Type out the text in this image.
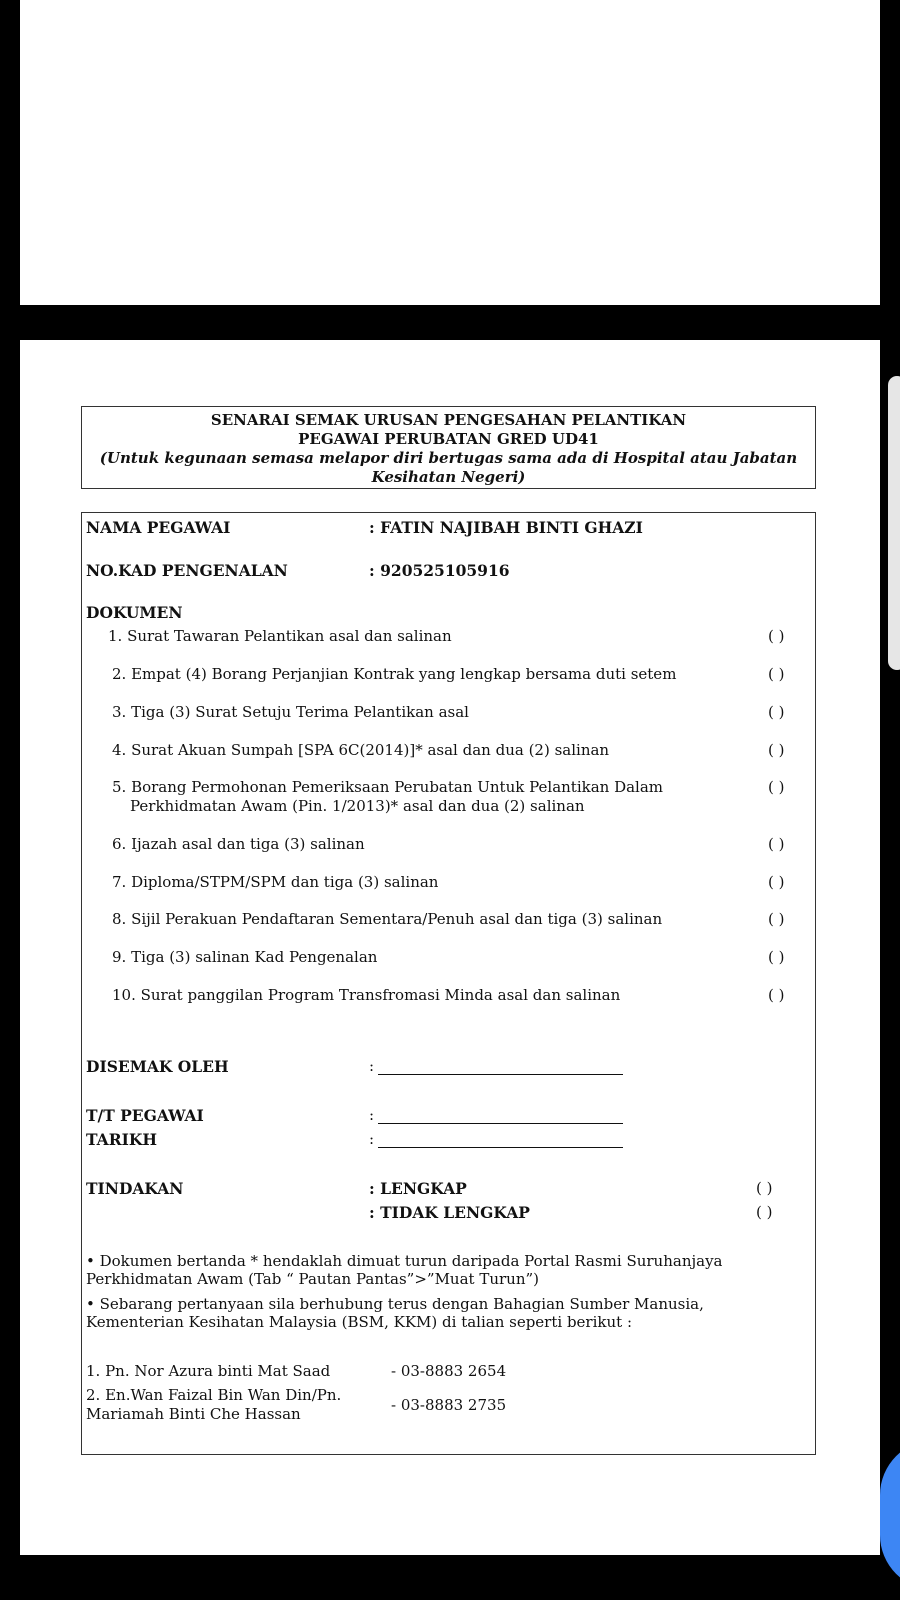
SENARAI SEMAK URUSAN PENGESAHAN PELANTIKAN
PEGAWAI PERUBATAN GRED UD41
(Untuk kegunaan semasa melapor diri bertugas sama ada di Hospital atau Jabatan
Kesihatan Negeri)
NAMA PEGAWAI	: FATIN NAJIBAH BINTI GHAZI
NO.KAD PENGENALAN	: 920525105916
DOKUMEN
1. Surat Tawaran Pelantikan asal dan salinan	( )
2. Empat (4) Borang Perjanjian Kontrak yang lengkap bersama duti setem	( )
3. Tiga (3) Surat Setuju Terima Pelantikan asal	( )
4. Surat Akuan Sumpah [SPA 6C(2014)]* asal dan dua (2) salinan	( )
5. Borang Permohonan Pemeriksaan Perubatan Untuk Pelantikan Dalam
Perkhidmatan Awam (Pin. 1/2013)* asal dan dua (2) salinan
( )
6. Ijazah asal dan tiga (3) salinan	( )
7. Diploma/STPM/SPM dan tiga (3) salinan	( )
8. Sijil Perakuan Pendaftaran Sementara/Penuh asal dan tiga (3) salinan	( )
9. Tiga (3) salinan Kad Pengenalan	( )
10. Surat panggilan Program Transfromasi Minda asal dan salinan	( )
DISEMAK OLEH	:
T/T PEGAWAI	:
TARIKH	:
TINDAKAN	: LENGKAP	( )
: TIDAK LENGKAP	( )
• Dokumen bertanda * hendaklah dimuat turun daripada Portal Rasmi Suruhanjaya Perkhidmatan Awam (Tab “ Pautan Pantas”>”Muat Turun”)
• Sebarang pertanyaan sila berhubung terus dengan Bahagian Sumber Manusia, Kementerian Kesihatan Malaysia (BSM, KKM) di talian seperti berikut :
1. Pn. Nor Azura binti Mat Saad	- 03-8883 2654
2. En.Wan Faizal Bin Wan Din/Pn.
Mariamah Binti Che Hassan	- 03-8883 2735
